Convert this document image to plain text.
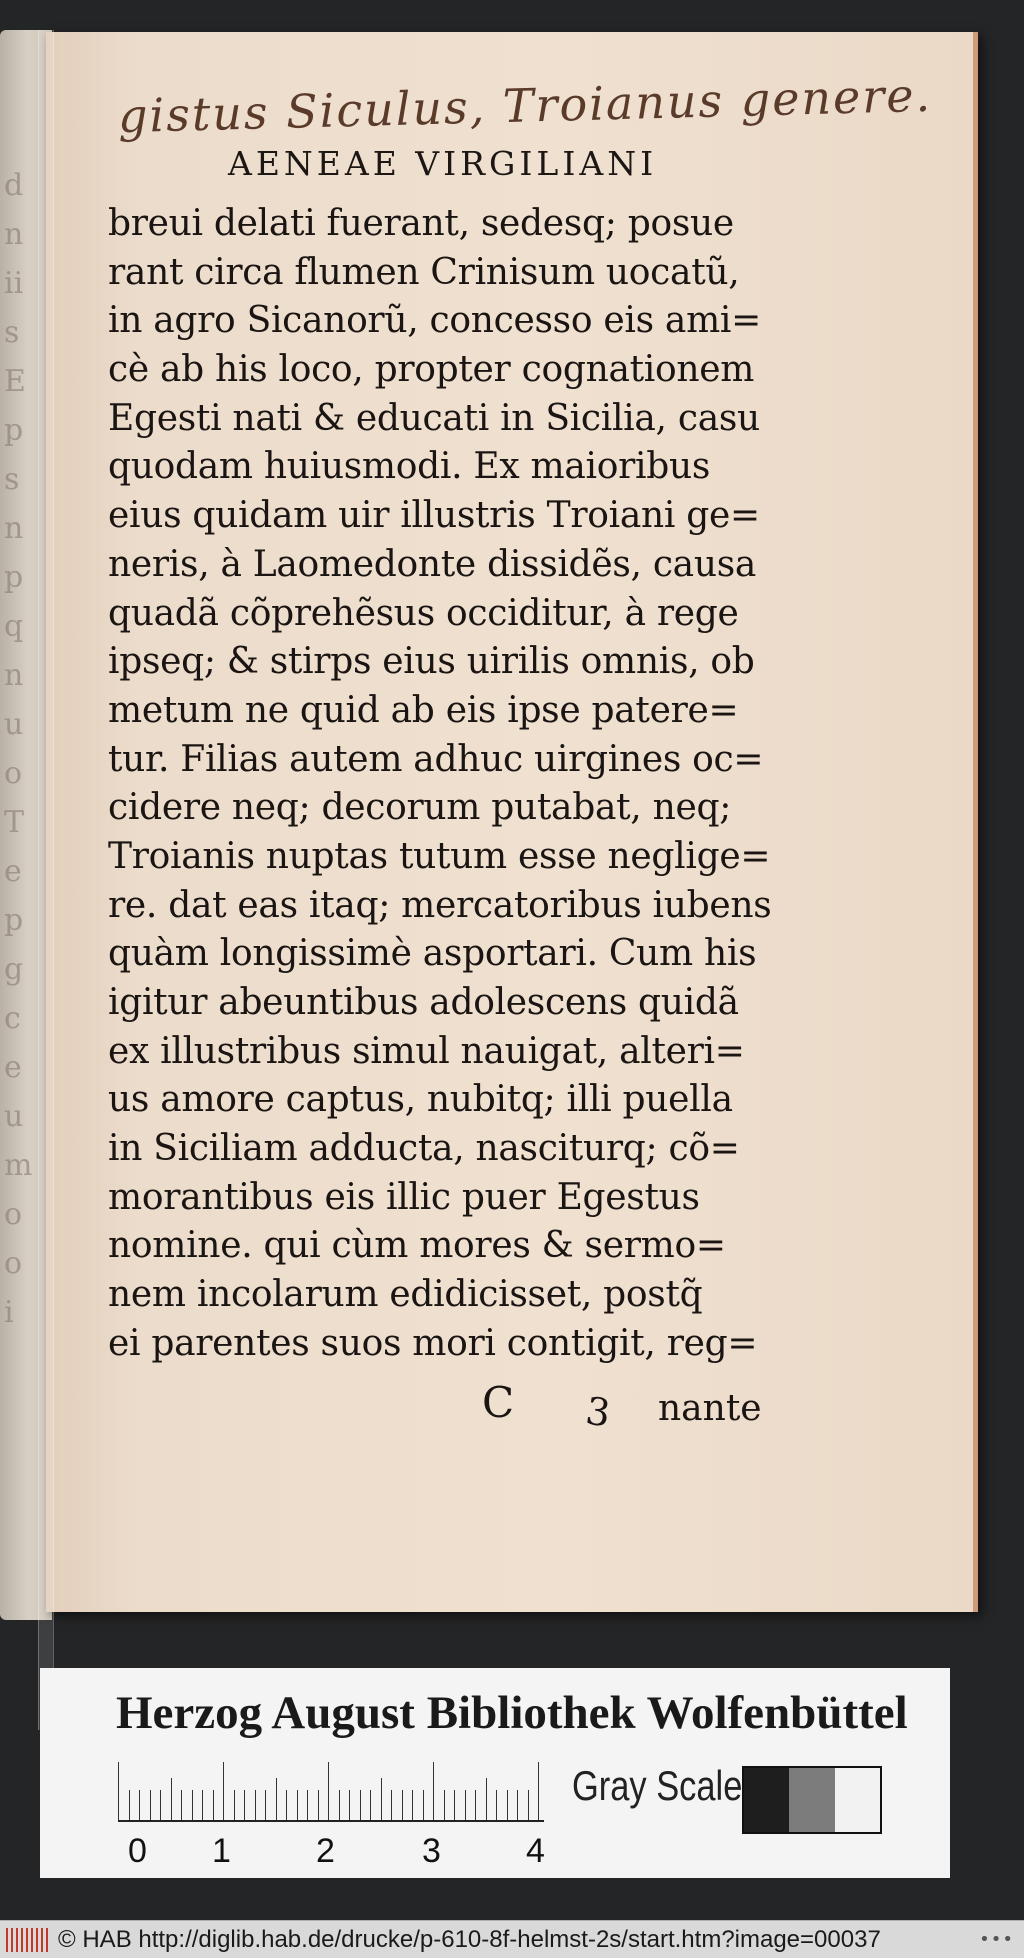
d
n
ii
s
E
p
s
n
p
q
n
u
o
T
e
p
g
c
e
u
m
o
o
i
gistus Siculus, Troianus genere.
AENEAE VIRGILIANI
breui delati fuerant, sedesq; posue
rant circa flumen Crinisum uocatũ,
in agro Sicanorũ, concesso eis ami=
cè ab his loco, propter cognationem
Egesti nati & educati in Sicilia, casu
quodam huiusmodi. Ex maioribus
eius quidam uir illustris Troiani ge=
neris, à Laomedonte dissidẽs, causa
quadã cõprehẽsus occiditur, à rege
ipseq; & stirps eius uirilis omnis, ob
metum ne quid ab eis ipse patere=
tur. Filias autem adhuc uirgines oc=
cidere neq; decorum putabat, neq;
Troianis nuptas tutum esse neglige=
re. dat eas itaq; mercatoribus iubens
quàm longissimè asportari. Cum his
igitur abeuntibus adolescens quidã
ex illustribus simul nauigat, alteri=
us amore captus, nubitq; illi puella
in Siciliam adducta, nasciturq; cõ=
morantibus eis illic puer Egestus
nomine. qui cùm mores & sermo=
nem incolarum edidicisset, postq̃
ei parentes suos mori contigit, reg=
C 3 nante
Herzog August Bibliothek Wolfenbüttel
0 1	2	3	4
Gray Scale
© HAB http://diglib.hab.de/drucke/p-610-8f-helmst-2s/start.htm?image=00037	•••
